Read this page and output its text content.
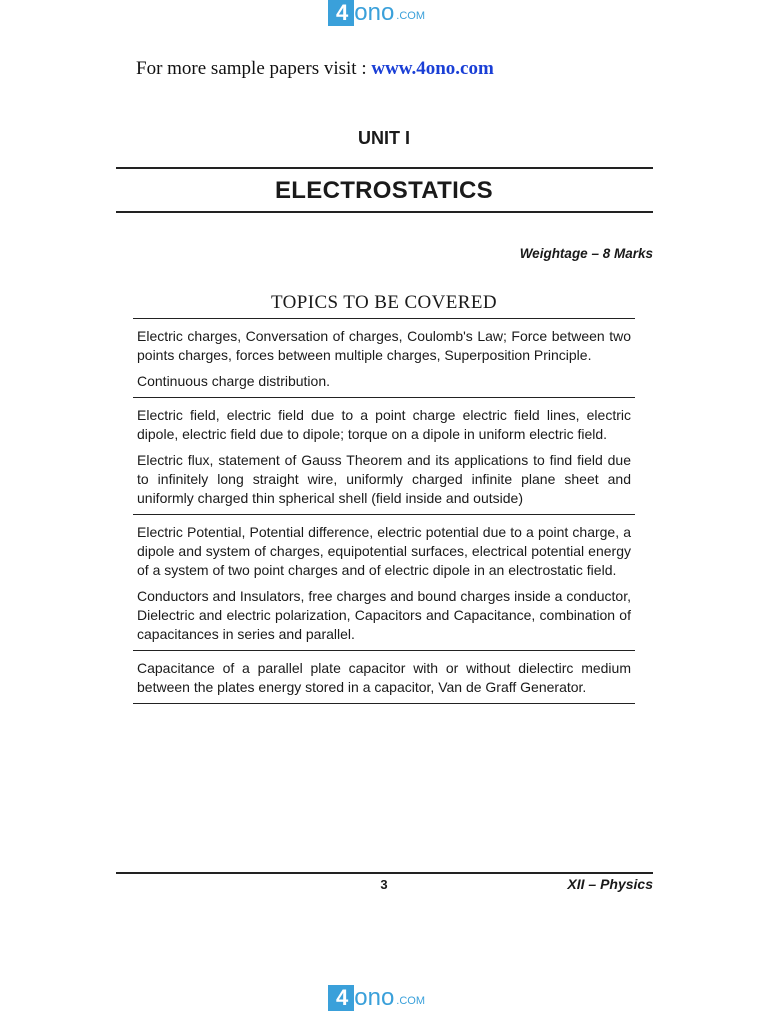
4 ono .COM
For more sample papers visit : www.4ono.com
UNIT I
ELECTROSTATICS
Weightage – 8 Marks
TOPICS TO BE COVERED

Electric charges, Conversation of charges, Coulomb's Law; Force between two points charges, forces between multiple charges, Superposition Principle.

Continuous charge distribution.

Electric field, electric field due to a point charge electric field lines, electric dipole, electric field due to dipole; torque on a dipole in uniform electric field.

Electric flux, statement of Gauss Theorem and its applications to find field due to infinitely long straight wire, uniformly charged infinite plane sheet and uniformly charged thin spherical shell (field inside and outside)

Electric Potential, Potential difference, electric potential due to a point charge, a dipole and system of charges, equipotential surfaces, electrical potential energy of a system of two point charges and of electric dipole in an electrostatic field.

Conductors and Insulators, free charges and bound charges inside a conductor, Dielectric and electric polarization, Capacitors and Capacitance, combination of capacitances in series and parallel.

Capacitance of a parallel plate capacitor with or without dielectirc medium between the plates energy stored in a capacitor, Van de Graff Generator.

3	XII – Physics
4 ono .COM
